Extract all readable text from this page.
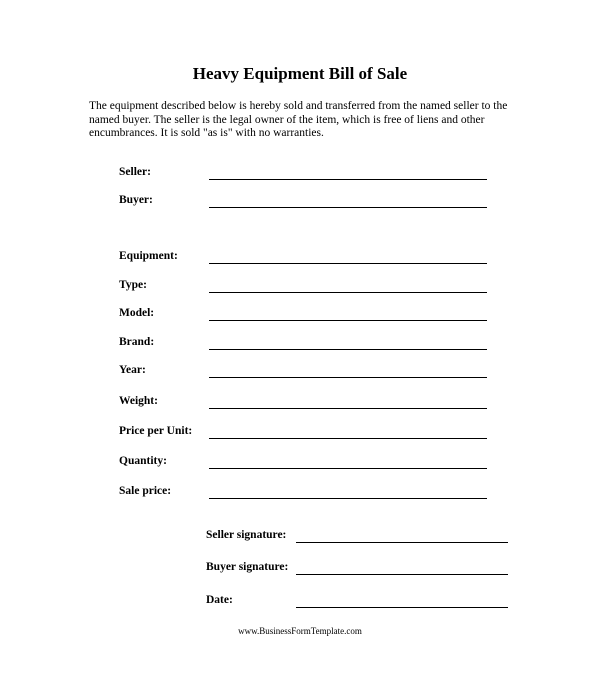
Heavy Equipment Bill of Sale
The equipment described below is hereby sold and transferred from the named seller to the named buyer. The seller is the legal owner of the item, which is free of liens and other encumbrances. It is sold "as is" with no warranties.
Seller:
Buyer:
Equipment:
Type:
Model:
Brand:
Year:
Weight:
Price per Unit:
Quantity:
Sale price:
Seller signature:
Buyer signature:
Date:
www.BusinessFormTemplate.com
